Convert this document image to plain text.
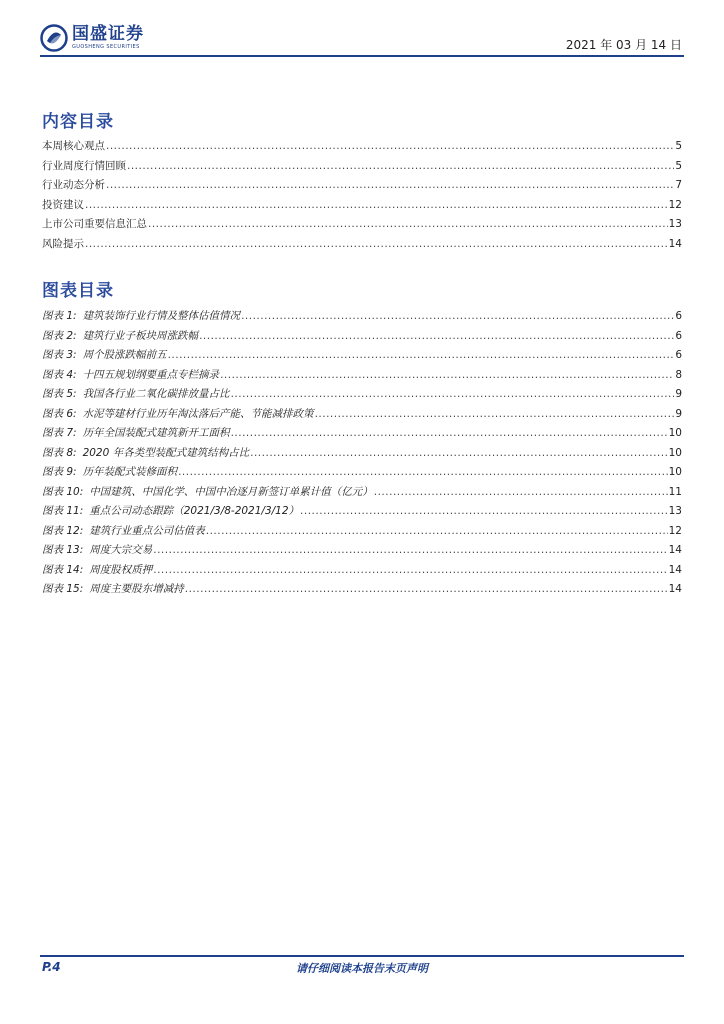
国盛证券
GUOSHENG SECURITIES	2021 年 03 月 14 日
内容目录
本周核心观点 .....	5
行业周度行情回顾 .....	5
行业动态分析 .....	7
投资建议 .....	12
上市公司重要信息汇总 .....	13
风险提示 .....	14
图表目录
图表 1: 建筑装饰行业行情及整体估值情况 .....	6
图表 2: 建筑行业子板块周涨跌幅 .....	6
图表 3: 周个股涨跌幅前五 .....	6
图表 4: 十四五规划纲要重点专栏摘录 .....	8
图表 5: 我国各行业二氧化碳排放量占比 .....	9
图表 6: 水泥等建材行业历年淘汰落后产能、节能减排政策 .....	9
图表 7: 历年全国装配式建筑新开工面积 .....	10
图表 8: 2020 年各类型装配式建筑结构占比 .....	10
图表 9: 历年装配式装修面积 .....	10
图表 10: 中国建筑、中国化学、中国中冶逐月新签订单累计值（亿元） .....	11
图表 11: 重点公司动态跟踪（2021/3/8-2021/3/12） .....	13
图表 12: 建筑行业重点公司估值表 .....	12
图表 13: 周度大宗交易 .....	14
图表 14: 周度股权质押 .....	14
图表 15: 周度主要股东增减持 .....	14
P.4	请仔细阅读本报告末页声明
